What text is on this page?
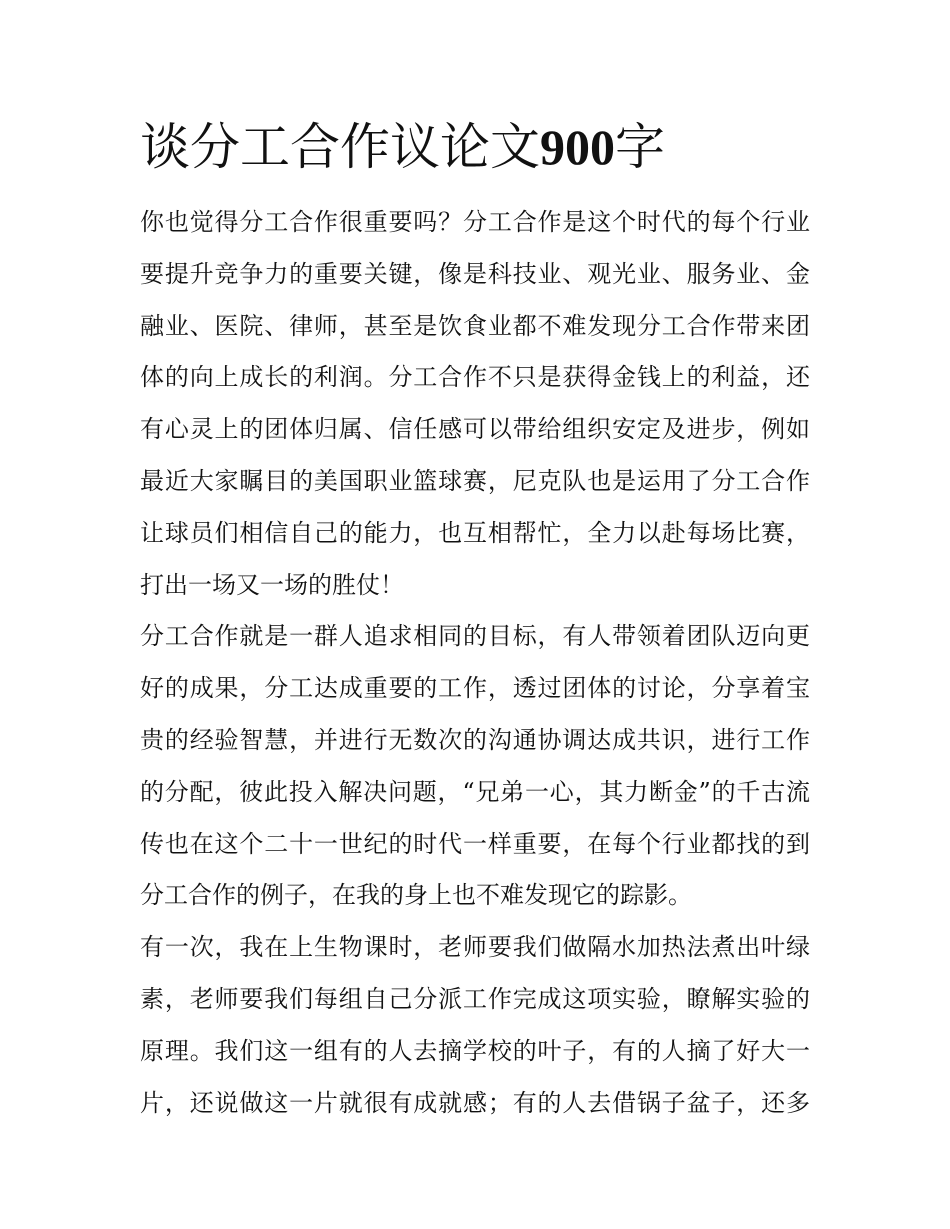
谈分工合作议论文900字
你也觉得分工合作很重要吗？分工合作是这个时代的每个行业
要提升竞争力的重要关键，像是科技业、观光业、服务业、金
融业、医院、律师，甚至是饮食业都不难发现分工合作带来团
体的向上成长的利润。分工合作不只是获得金钱上的利益，还
有心灵上的团体归属、信任感可以带给组织安定及进步，例如
最近大家瞩目的美国职业篮球赛，尼克队也是运用了分工合作
让球员们相信自己的能力，也互相帮忙，全力以赴每场比赛，
打出一场又一场的胜仗！
分工合作就是一群人追求相同的目标，有人带领着团队迈向更
好的成果，分工达成重要的工作，透过团体的讨论，分享着宝
贵的经验智慧，并进行无数次的沟通协调达成共识，进行工作
的分配，彼此投入解决问题，“兄弟一心，其力断金”的千古流
传也在这个二十一世纪的时代一样重要，在每个行业都找的到
分工合作的例子，在我的身上也不难发现它的踪影。
有一次，我在上生物课时，老师要我们做隔水加热法煮出叶绿
素，老师要我们每组自己分派工作完成这项实验，瞭解实验的
原理。我们这一组有的人去摘学校的叶子，有的人摘了好大一
片，还说做这一片就很有成就感；有的人去借锅子盆子，还多
